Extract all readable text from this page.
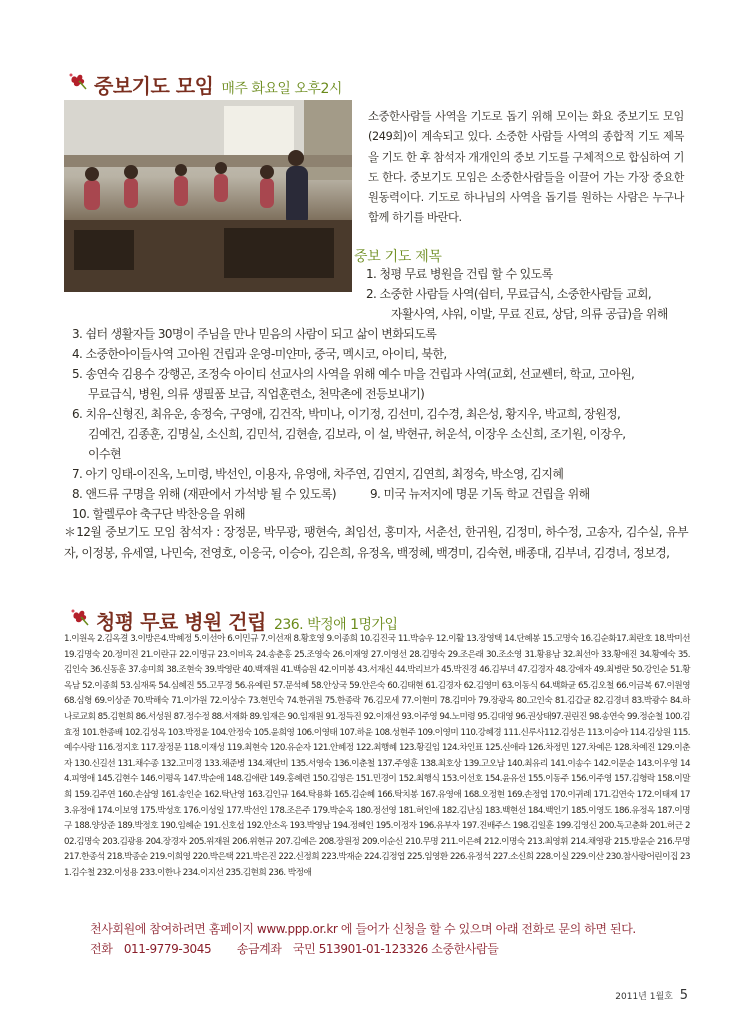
중보기도 모임 매주 화요일 오후2시
소중한사람들 사역을 기도로 돕기 위해 모이는 화요 중보기도 모임(249회)이 계속되고 있다. 소중한 사람들 사역의 종합적 기도 제목을 기도 한 후 참석자 개개인의 중보 기도를 구체적으로 합심하여 기도 한다. 중보기도 모임은 소중한사람들을 이끌어 가는 가장 중요한 원동력이다. 기도로 하나님의 사역을 돕기를 원하는 사람은 누구나 함께 하기를 바란다.
중보 기도 제목
1. 청평 무료 병원을 건립 할 수 있도록
2. 소중한 사람들 사역(쉼터, 무료급식, 소중한사람들 교회,
자활사역, 샤워, 이발, 무료 진료, 상담, 의류 공급)을 위해
3. 쉼터 생활자들 30명이 주님을 만나 믿음의 사람이 되고 삶이 변화되도록
4. 소중한아이들사역 고아원 건립과 운영-미얀마, 중국, 멕시코, 아이티, 북한,
5. 송연숙 김용수 강행곤, 조정숙 아이티 선교사의 사역을 위해 예수 마을 건립과 사역(교회, 선교쎈터, 학교, 고아원,
무료급식, 병원, 의류 생필품 보급, 직업훈련소, 천막촌에 전등보내기)
6. 치유-신형진, 최유운, 송정숙, 구영애, 김건작, 박미나, 이기정, 김선미, 김수경, 최은성, 황지우, 박교희, 장원정,
김예건, 김종훈, 김명실, 소신희, 김민석, 김현솔, 김보라, 이 설, 박현규, 허운석, 이장우 소신희, 조기원, 이장우,
이수현
7. 아기 잉태-이진옥, 노미령, 박선인, 이용자, 유영애, 차주연, 김연지, 김연희, 최정숙, 박소영, 김지혜
8. 앤드류 구명을 위해 (재판에서 가석방 될 수 있도록)	9. 미국 뉴저지에 명문 기독 학교 건립을 위해
10. 할렐루야 축구단 박찬응을 위해
＊12월 중보기도 모임 참석자 : 장정문, 박무광, 팽현숙, 최임선, 홍미자, 서춘선, 한귀원, 김정미, 하수정, 고송자, 김수실, 유부자, 이정봉, 유세열, 나민숙, 전영호, 이응국, 이승아, 김은희, 유정옥, 백정혜, 백경미, 김숙현, 배종대, 김부녀, 김경녀, 정보경,
청평 무료 병원 건립 236. 박정애 1명가입
1.이원옥 2.김옥결 3.이방은4.박혜정 5.이선아 6.이민규 7.이선재 8.황호영 9.이종희 10.김진국 11.박승우 12.이활 13.장영택 14.단혜봉 15.고명숙 16.김순화17.최란호 18.박미선 19.김명숙 20.정미진 21.이란규 22.이명규 23.이비옥 24.송춘홍 25.조영숙 26.이재영 27.이영선 28.김명숙 29.조은래 30.조소영 31.황용남 32.최선아 33.황애진 34.황예숙 35.김인숙 36.신동훈 37.송미희 38.조현숙 39.박영란 40.백재원 41.백승원 42.이미봉 43.서재신 44.박리브가 45.박진경 46.김부녀 47.김경자 48.강애자 49.최병란 50.강인순 51.황옥남 52.이종희 53.심재록 54.심혜진 55.고무경 56.유예린 57.문석혜 58.안상국 59.안은숙 60.김태현 61.김경자 62.김영미 63.이동식 64.백화균 65.김오철 66.이금복 67.이원영 68.심형 69.이상준 70.박해숙 71.이가원 72.이상수 73.현민숙 74.한귀원 75.한종락 76.김모세 77.이현미 78.김미아 79.장광옥 80.고인숙 81.김갑균 82.김경녀 83.박광수 84.하나로교회 85.김현희 86.서성원 87.정수정 88.서재화 89.임재은 90.임재원 91.정득진 92.이재선 93.이주영 94.노미령 95.김대영 96.권상태97.권린진 98.송연숙 99.정순철 100.김효정 101.한종배 102.김성옥 103.박정윤 104.안정숙 105.윤희영 106.이영태 107.하윤 108.성현주 109.이영미 110.강혜경 111.신루사112.김성은 113.이승아 114.김상원 115.예수사랑 116.정지호 117.장정문 118.이재성 119.최현숙 120.유순자 121.안혜정 122.최행혜 123.황길임 124.차인표 125.신애라 126.차정민 127.차예은 128.차예진 129.이춘자 130.신길선 131.채수종 132.고미경 133.채준병 134.채단비 135.서영숙 136.이춘철 137.주영훈 138.최호상 139.고오남 140.최유리 141.이송수 142.이문순 143.이우영 144.피영애 145.김현수 146.이평옥 147.박순애 148.김애란 149.홍혜련 150.김영은 151.민경이 152.최행식 153.이선호 154.윤유선 155.이동주 156.이주영 157.김형락 158.이말희 159.김주연 160.손삼영 161.송인순 162.탁난영 163.김인규 164.탁용화 165.김순혜 166.탁치봉 167.유영애 168.오정현 169.손정엽 170.이귀례 171.김연숙 172.이태제 173.유정애 174.이보영 175.박성호 176.이성일 177.박선인 178.조은주 179.박순옥 180.정선영 181.허인애 182.김난심 183.백현선 184.백인기 185.이영도 186.유정옥 187.이명구 188.양상준 189.박정호 190.임혜순 191.신호섭 192.안소옥 193.박영남 194.정혜인 195.이정자 196.유부자 197.진배주스 198.김일훈 199.김영신 200.독고춘화 201.허근 202.김명숙 203.김광용 204.장경자 205.위재원 206.위현규 207.김예은 208.장원정 209.이순신 210.무명 211.이은혜 212.이명숙 213.최영휘 214.채영광 215.방윤순 216.무명 217.한종석 218.박종순 219.이희영 220.박은택 221.박은진 222.신정희 223.박재순 224.김정엽 225.임영환 226.유정석 227.소신희 228.이실 229.이산 230.참사랑어린이집 231.김수철 232.이성용 233.이한나 234.이지선 235.김현희 236. 박정애
천사회원에 참여하려면 홈페이지 www.ppp.or.kr 에 들어가 신청을 할 수 있으며 아래 전화로 문의 하면 된다.
전화 011-9779-3045 송금계좌 국민 513901-01-123326 소중한사람들
2011년 1월호 5
